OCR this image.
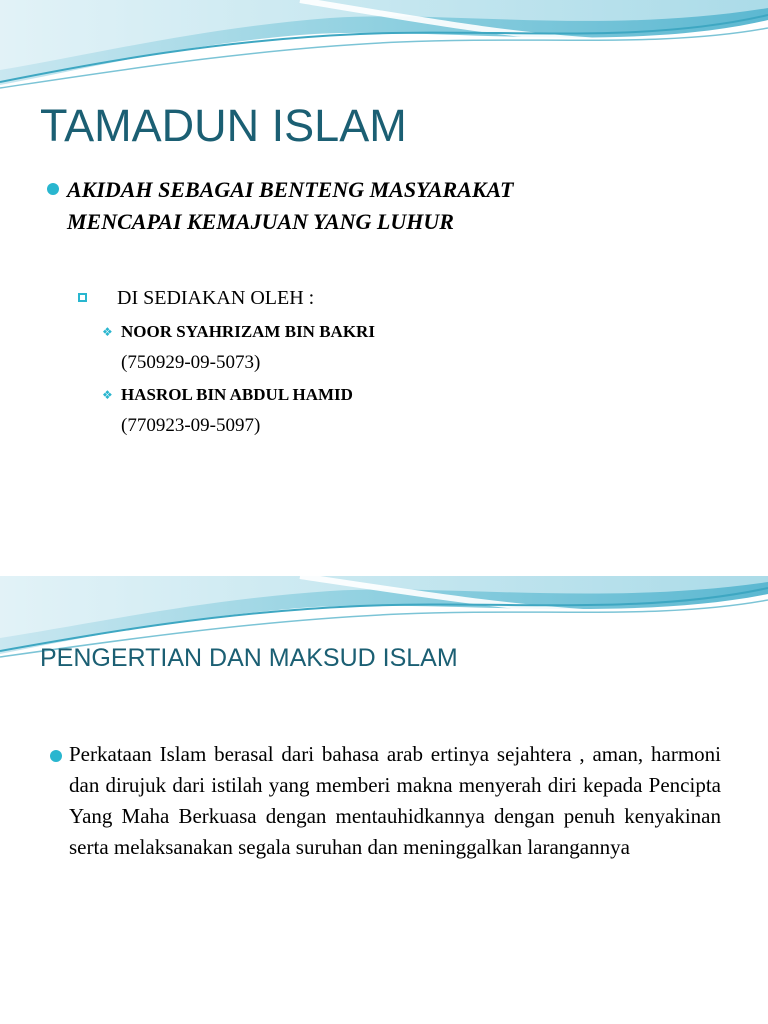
TAMADUN ISLAM
AKIDAH SEBAGAI BENTENG MASYARAKAT
MENCAPAI KEMAJUAN YANG LUHUR
DI SEDIAKAN OLEH :
❖ NOOR SYAHRIZAM BIN BAKRI
(750929-09-5073)
❖ HASROL BIN ABDUL HAMID
(770923-09-5097)
PENGERTIAN DAN MAKSUD ISLAM
Perkataan Islam berasal dari bahasa arab ertinya sejahtera , aman, harmoni dan dirujuk dari istilah yang memberi makna menyerah diri kepada Pencipta Yang Maha Berkuasa dengan mentauhidkannya dengan penuh kenyakinan serta melaksanakan segala suruhan dan meninggalkan larangannya
